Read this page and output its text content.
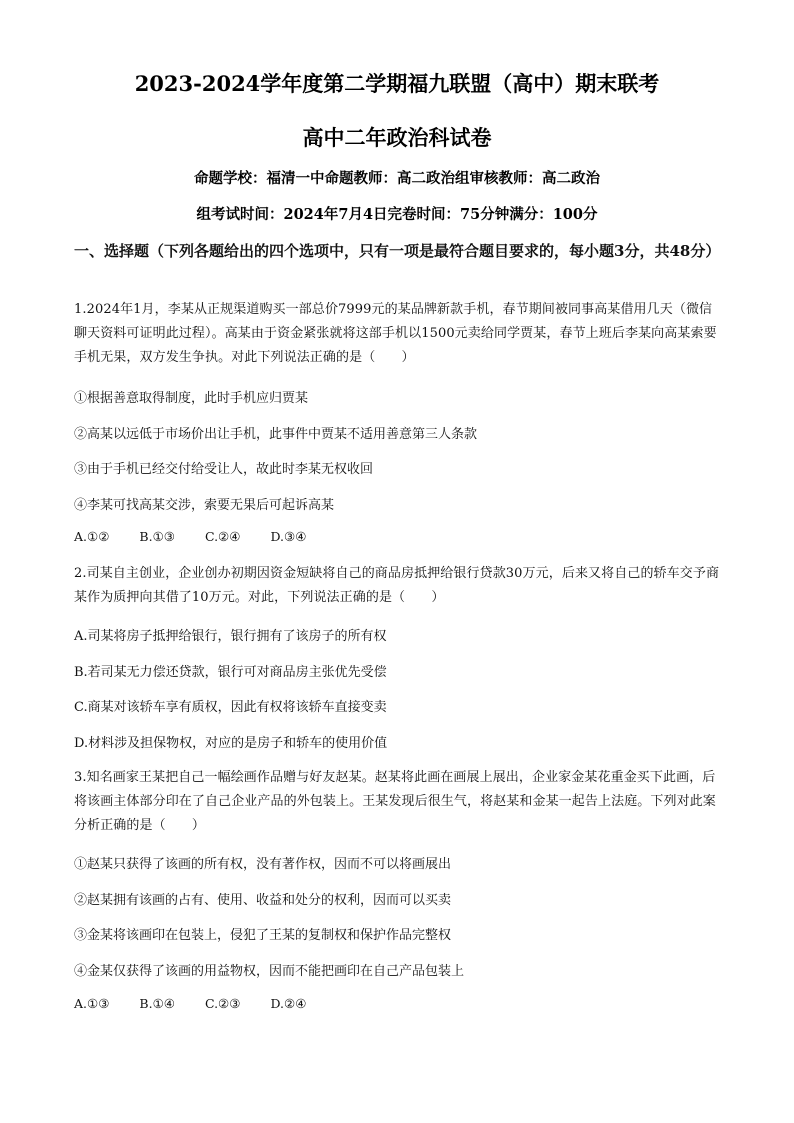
2023-2024学年度第二学期福九联盟（高中）期末联考
高中二年政治科试卷
命题学校：福清一中命题教师：高二政治组审核教师：高二政治
组考试时间：2024年7月4日完卷时间：75分钟满分：100分
一、选择题（下列各题给出的四个选项中，只有一项是最符合题目要求的，每小题3分，共48分）
1.2024年1月，李某从正规渠道购买一部总价7999元的某品牌新款手机，春节期间被同事高某借用几天（微信聊天资料可证明此过程）。高某由于资金紧张就将这部手机以1500元卖给同学贾某，春节上班后李某向高某索要手机无果，双方发生争执。对此下列说法正确的是（　　）
①根据善意取得制度，此时手机应归贾某
②高某以远低于市场价出让手机，此事件中贾某不适用善意第三人条款
③由于手机已经交付给受让人，故此时李某无权收回
④李某可找高某交涉，索要无果后可起诉高某
A.①② B.①③ C.②④ D.③④
2.司某自主创业，企业创办初期因资金短缺将自己的商品房抵押给银行贷款30万元，后来又将自己的轿车交予商某作为质押向其借了10万元。对此，下列说法正确的是（　　）
A.司某将房子抵押给银行，银行拥有了该房子的所有权
B.若司某无力偿还贷款，银行可对商品房主张优先受偿
C.商某对该轿车享有质权，因此有权将该轿车直接变卖
D.材料涉及担保物权，对应的是房子和轿车的使用价值
3.知名画家王某把自己一幅绘画作品赠与好友赵某。赵某将此画在画展上展出，企业家金某花重金买下此画，后将该画主体部分印在了自己企业产品的外包装上。王某发现后很生气，将赵某和金某一起告上法庭。下列对此案分析正确的是（　　）
①赵某只获得了该画的所有权，没有著作权，因而不可以将画展出
②赵某拥有该画的占有、使用、收益和处分的权利，因而可以买卖
③金某将该画印在包装上，侵犯了王某的复制权和保护作品完整权
④金某仅获得了该画的用益物权，因而不能把画印在自己产品包装上
A.①③ B.①④ C.②③ D.②④
